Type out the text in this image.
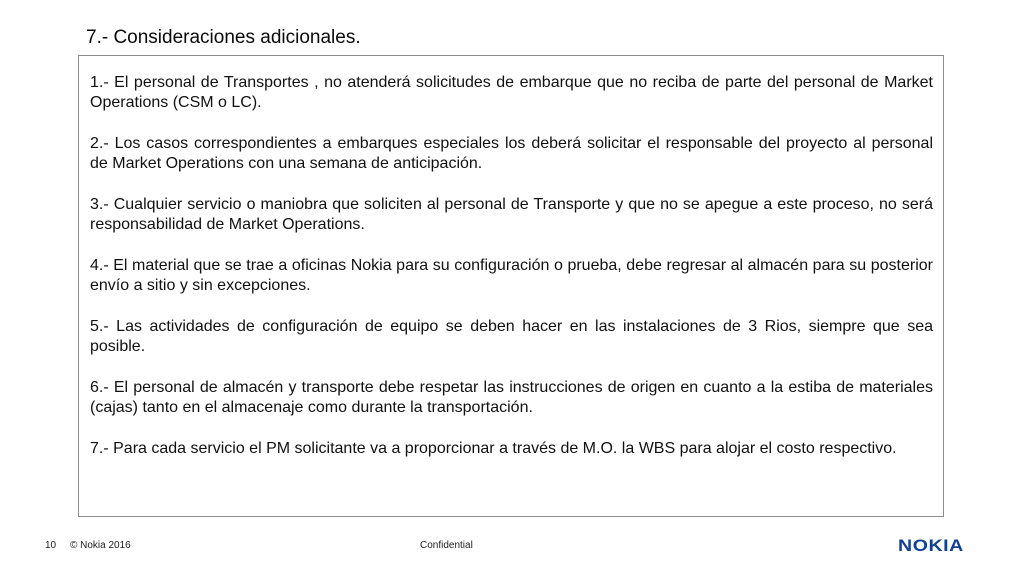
7.- Consideraciones adicionales.

1.- El personal de Transportes , no atenderá solicitudes de embarque que no reciba de parte del personal de Market Operations (CSM o LC).

2.- Los casos correspondientes a embarques especiales los deberá solicitar el responsable del proyecto al personal de Market Operations con una semana de anticipación.

3.- Cualquier servicio o maniobra que soliciten al personal de Transporte y que no se apegue a este proceso, no será responsabilidad de Market Operations.

4.- El material que se trae a oficinas Nokia para su configuración o prueba, debe regresar al almacén para su posterior envío a sitio y sin excepciones.

5.- Las actividades de configuración de equipo se deben hacer en las instalaciones de 3 Rios, siempre que sea posible.

6.- El personal de almacén y transporte debe respetar las instrucciones de origen en cuanto a la estiba de materiales (cajas) tanto en el almacenaje como durante la transportación.

7.- Para cada servicio el PM solicitante va a proporcionar a través de M.O. la WBS para alojar el costo respectivo.

10 © Nokia 2016	Confidential	NOKIA
